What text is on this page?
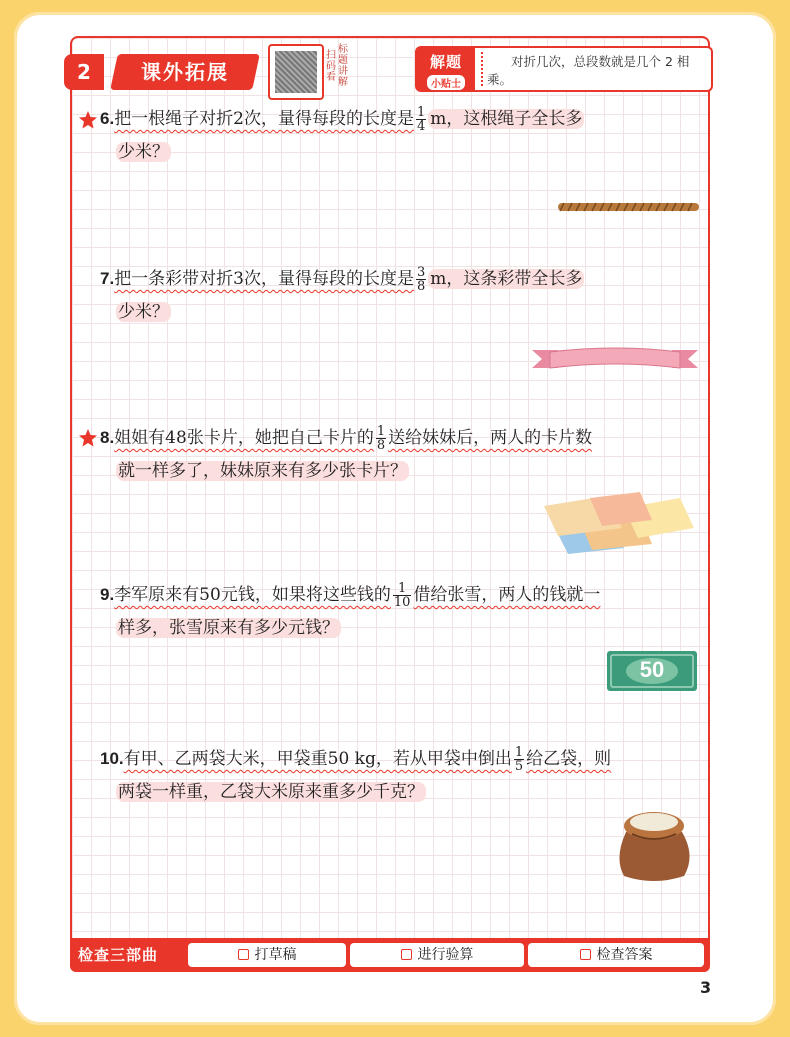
2	课外拓展
扫码看
标题讲解
解题
小贴士
对折几次，总段数就是几个 2 相乘。
6.把一根绳子对折2次，量得每段的长度是 $\frac{1}{4}$ m，这根绳子全长多
少米？
7.把一条彩带对折3次，量得每段的长度是 $\frac{3}{8}$ m，这条彩带全长多
少米？
8.姐姐有48张卡片，她把自己卡片的 $\frac{1}{8}$ 送给妹妹后，两人的卡片数
就一样多了，妹妹原来有多少张卡片？
9.李军原来有50元钱，如果将这些钱的 $\frac{1}{10}$ 借给张雪，两人的钱就一
样多，张雪原来有多少元钱？
50
10.有甲、乙两袋大米，甲袋重50 kg，若从甲袋中倒出 $\frac{1}{5}$ 给乙袋，则
两袋一样重，乙袋大米原来重多少千克？
检查三部曲	打草稿	进行验算	检查答案
3
